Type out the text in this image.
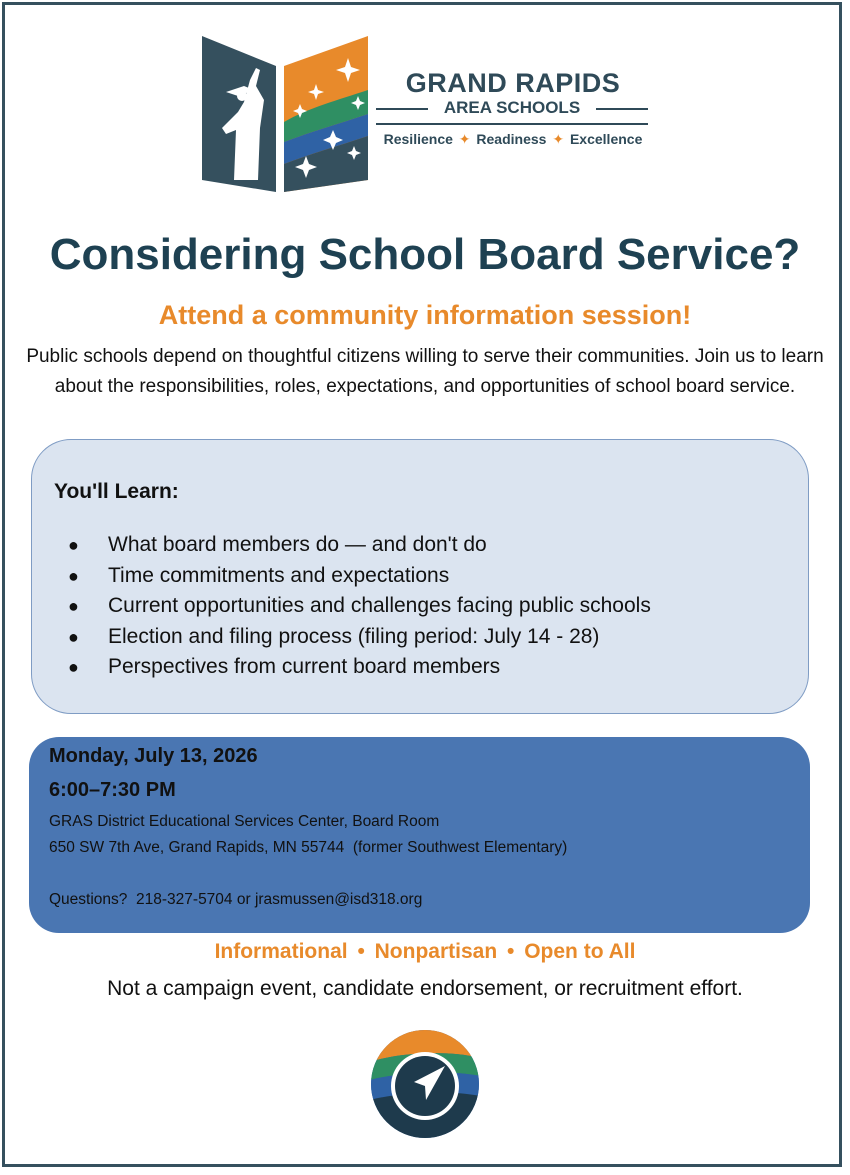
GRAND RAPIDS
AREA SCHOOLS
Resilience ✦ Readiness ✦ Excellence
Considering School Board Service?
Attend a community information session!
Public schools depend on thoughtful citizens willing to serve their communities. Join us to learn about the responsibilities, roles, expectations, and opportunities of school board service.
You'll Learn:
● What board members do — and don't do
● Time commitments and expectations
● Current opportunities and challenges facing public schools
● Election and filing process (filing period: July 14 - 28)
● Perspectives from current board members
Monday, July 13, 2026
6:00–7:30 PM
GRAS District Educational Services Center, Board Room
650 SW 7th Ave, Grand Rapids, MN 55744  (former Southwest Elementary)
Questions?  218-327-5704 or jrasmussen@isd318.org
Informational • Nonpartisan • Open to All
Not a campaign event, candidate endorsement, or recruitment effort.
